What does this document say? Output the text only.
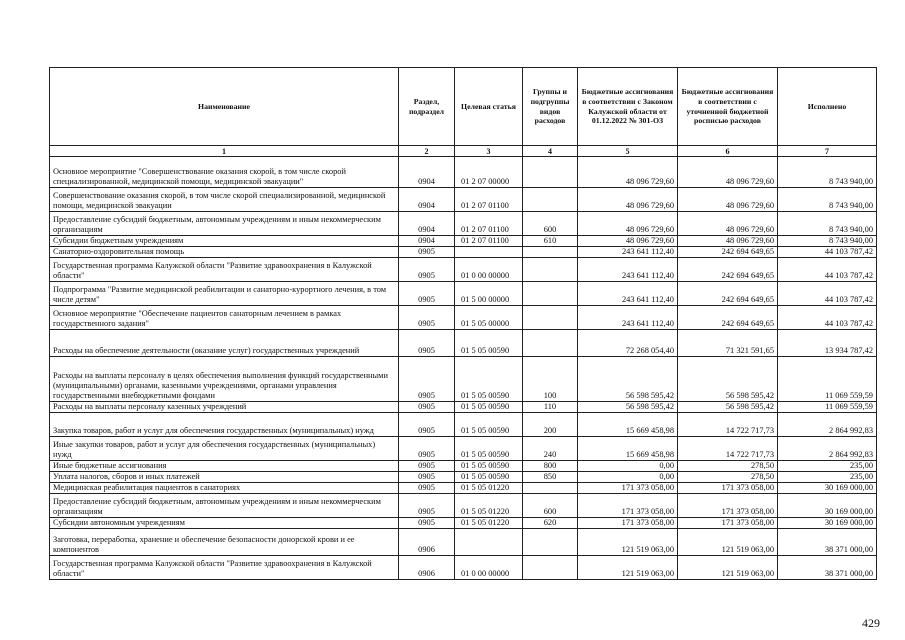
Наименование	Раздел, подраздел	Целевая статья	Группы и подгруппы видов расходов	Бюджетные ассигнования в соответствии с Законом Калужской области от 01.12.2022 № 301-ОЗ	Бюджетные ассигнования в соответствии с уточненной бюджетной росписью расходов	Исполнено
1	2	3	4	5	6	7
Основное мероприятие "Совершенствование оказания скорой, в том числе скорой специализированной, медицинской помощи, медицинской эвакуации"	0904	01 2 07 00000		48 096 729,60	48 096 729,60	8 743 940,00
Совершенствование оказания скорой, в том числе скорой специализированной, медицинской помощи, медицинской эвакуации	0904	01 2 07 01100		48 096 729,60	48 096 729,60	8 743 940,00
Предоставление субсидий бюджетным, автономным учреждениям и иным некоммерческим организациям	0904	01 2 07 01100	600	48 096 729,60	48 096 729,60	8 743 940,00
Субсидии бюджетным учреждениям	0904	01 2 07 01100	610	48 096 729,60	48 096 729,60	8 743 940,00
Санаторно-оздоровительная помощь	0905			243 641 112,40	242 694 649,65	44 103 787,42
Государственная программа Калужской области "Развитие здравоохранения в Калужской области"	0905	01 0 00 00000		243 641 112,40	242 694 649,65	44 103 787,42
Подпрограмма "Развитие медицинской реабилитации и санаторно-курортного лечения, в том числе детям"	0905	01 5 00 00000		243 641 112,40	242 694 649,65	44 103 787,42
Основное мероприятие "Обеспечение пациентов санаторным лечением в рамках государственного задания"	0905	01 5 05 00000		243 641 112,40	242 694 649,65	44 103 787,42
Расходы на обеспечение деятельности (оказание услуг) государственных учреждений	0905	01 5 05 00590		72 268 054,40	71 321 591,65	13 934 787,42
Расходы на выплаты персоналу в целях обеспечения выполнения функций государственными (муниципальными) органами, казенными учреждениями, органами управления государственными внебюджетными фондами	0905	01 5 05 00590	100	56 598 595,42	56 598 595,42	11 069 559,59
Расходы на выплаты персоналу казенных учреждений	0905	01 5 05 00590	110	56 598 595,42	56 598 595,42	11 069 559,59
Закупка товаров, работ и услуг для обеспечения государственных (муниципальных) нужд	0905	01 5 05 00590	200	15 669 458,98	14 722 717,73	2 864 992,83
Иные закупки товаров, работ и услуг для обеспечения государственных (муниципальных) нужд	0905	01 5 05 00590	240	15 669 458,98	14 722 717,73	2 864 992,83
Иные бюджетные ассигнования	0905	01 5 05 00590	800	0,00	278,50	235,00
Уплата налогов, сборов и иных платежей	0905	01 5 05 00590	850	0,00	278,50	235,00
Медицинская реабилитация пациентов в санаториях	0905	01 5 05 01220		171 373 058,00	171 373 058,00	30 169 000,00
Предоставление субсидий бюджетным, автономным учреждениям и иным некоммерческим организациям	0905	01 5 05 01220	600	171 373 058,00	171 373 058,00	30 169 000,00
Субсидии автономным учреждениям	0905	01 5 05 01220	620	171 373 058,00	171 373 058,00	30 169 000,00
Заготовка, переработка, хранение и обеспечение безопасности донорской крови и ее компонентов	0906			121 519 063,00	121 519 063,00	38 371 000,00
Государственная программа Калужской области "Развитие здравоохранения в Калужской области"	0906	01 0 00 00000		121 519 063,00	121 519 063,00	38 371 000,00
429
